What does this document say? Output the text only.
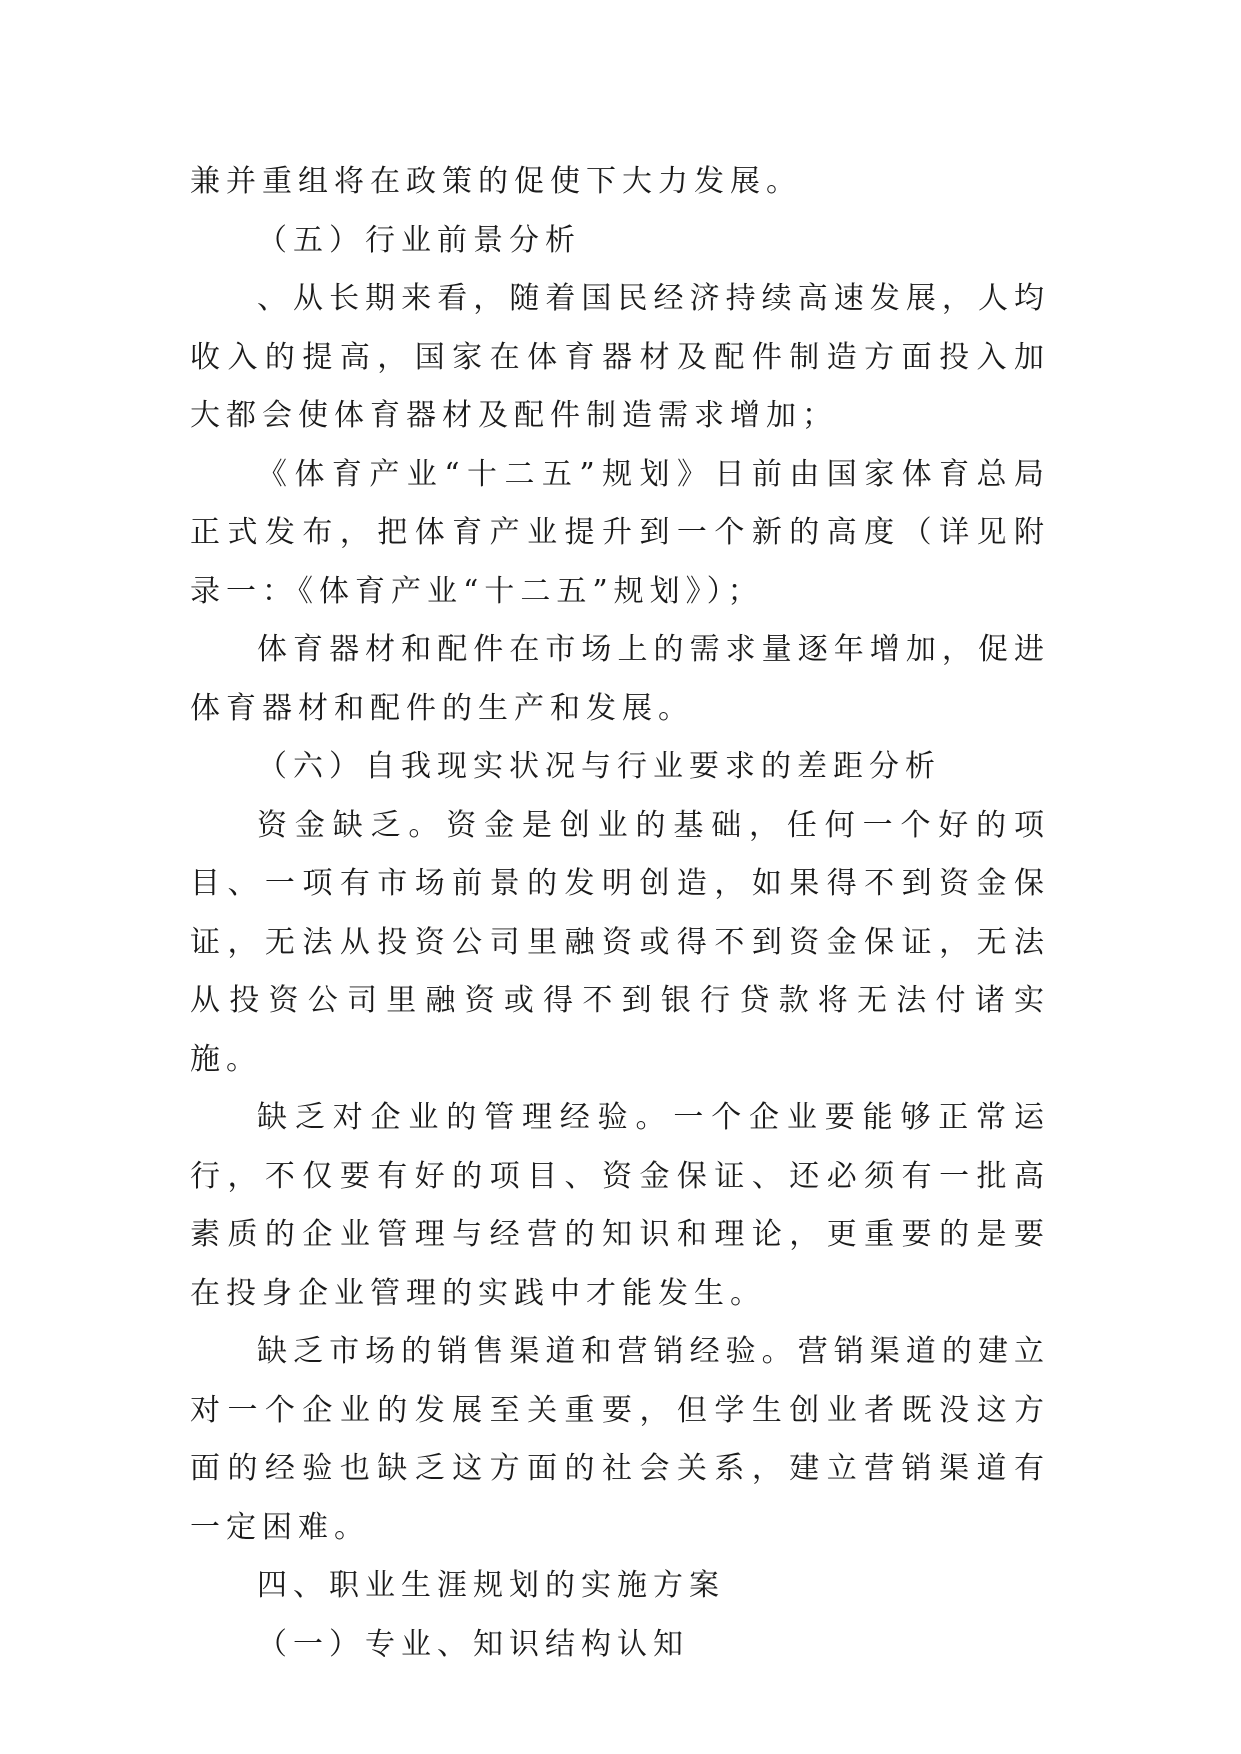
兼并重组将在政策的促使下大力发展。

（五）行业前景分析

、从长期来看，随着国民经济持续高速发展，人均收入的提高，国家在体育器材及配件制造方面投入加大都会使体育器材及配件制造需求增加；

《体育产业“十二五”规划》日前由国家体育总局正式发布，把体育产业提升到一个新的高度（详见附录一：《体育产业“十二五”规划》）；

体育器材和配件在市场上的需求量逐年增加，促进体育器材和配件的生产和发展。

（六）自我现实状况与行业要求的差距分析

资金缺乏。资金是创业的基础，任何一个好的项目、一项有市场前景的发明创造，如果得不到资金保证，无法从投资公司里融资或得不到资金保证，无法从投资公司里融资或得不到银行贷款将无法付诸实施。

缺乏对企业的管理经验。一个企业要能够正常运行，不仅要有好的项目、资金保证、还必须有一批高素质的企业管理与经营的知识和理论，更重要的是要在投身企业管理的实践中才能发生。

缺乏市场的销售渠道和营销经验。营销渠道的建立对一个企业的发展至关重要，但学生创业者既没这方面的经验也缺乏这方面的社会关系，建立营销渠道有一定困难。

四、职业生涯规划的实施方案

（一）专业、知识结构认知
